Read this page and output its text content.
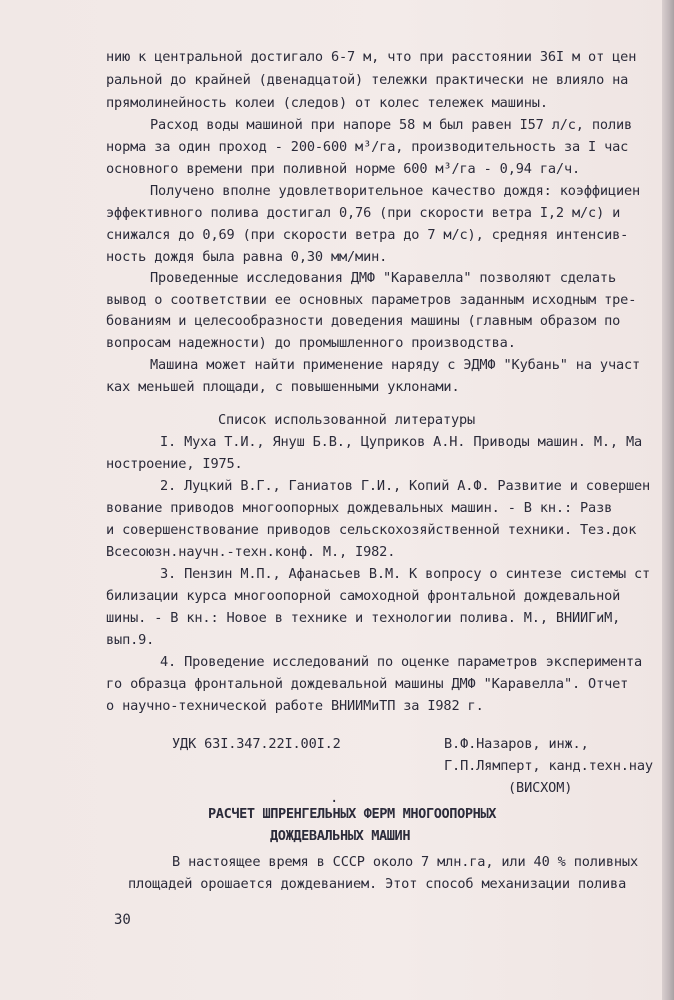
нию к центральной достигало 6-7 м, что при расстоянии 36I м от цен
ральной до крайней (двенадцатой) тележки практически не влияло на
прямолинейность колеи (следов) от колес тележек машины.
Расход воды машиной при напоре 58 м был равен I57 л/с, полив
норма за один проход - 200-600 м³/га, производительность за I час
основного времени при поливной норме 600 м³/га - 0,94 га/ч.
Получено вполне удовлетворительное качество дождя: коэффициен
эффективного полива достигал 0,76 (при скорости ветра I,2 м/с) и
снижался до 0,69 (при скорости ветра до 7 м/с), средняя интенсив-
ность дождя была равна 0,30 мм/мин.
Проведенные исследования ДМФ "Каравелла" позволяют сделать
вывод о соответствии ее основных параметров заданным исходным тре-
бованиям и целесообразности доведения машины (главным образом по
вопросам надежности) до промышленного производства.
Машина может найти применение наряду с ЭДМФ "Кубань" на участ
ках меньшей площади, с повышенными уклонами.
Список использованной литературы
I. Муха Т.И., Януш Б.В., Цуприков А.Н. Приводы машин. М., Ма
ностроение, I975.
2. Луцкий В.Г., Ганиатов Г.И., Копий А.Ф. Развитие и совершен
вование приводов многоопорных дождевальных машин. - В кн.: Разв
и совершенствование приводов сельскохозяйственной техники. Тез.док
Всесоюзн.научн.-техн.конф. М., I982.
3. Пензин М.П., Афанасьев В.М. К вопросу о синтезе системы ст
билизации курса многоопорной самоходной фронтальной дождевальной
шины. - В кн.: Новое в технике и технологии полива. М., ВНИИГиМ,
вып.9.
4. Проведение исследований по оценке параметров эксперимента
го образца фронтальной дождевальной машины ДМФ "Каравелла". Отчет
о научно-технической работе ВНИИМиТП за I982 г.
УДК 63I.347.22I.00I.2	В.Ф.Назаров, инж.,
Г.П.Лямперт, канд.техн.нау
(ВИСХОМ)
.
РАСЧЕТ ШПРЕНГЕЛЬНЫХ ФЕРМ МНОГООПОРНЫХ
ДОЖДЕВАЛЬНЫХ МАШИН
В настоящее время в СССР около 7 млн.га, или 40 % поливных
площадей орошается дождеванием. Этот способ механизации полива
30
